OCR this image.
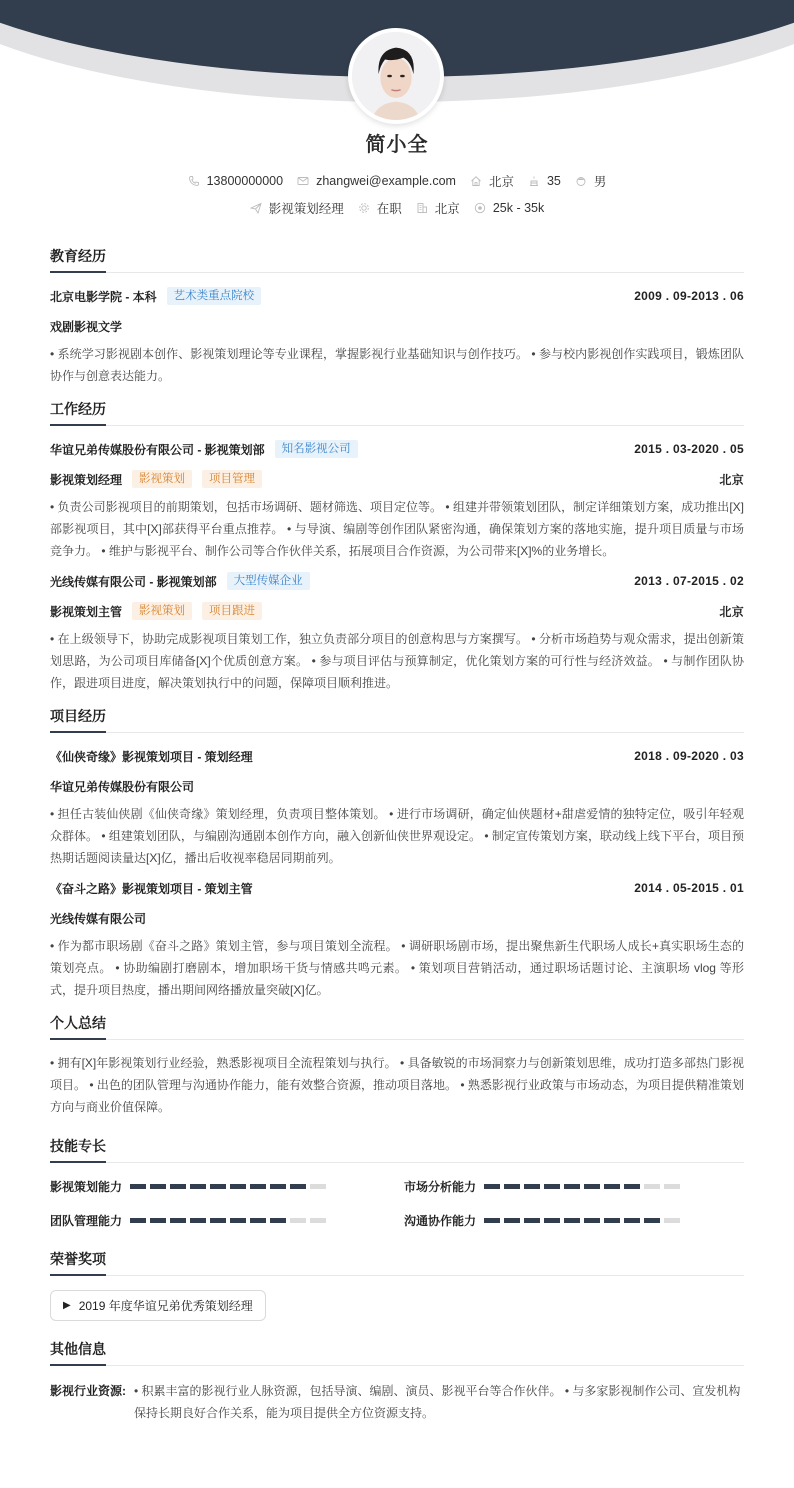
简小全
13800000000	zhangwei@example.com	北京	35	男
影视策划经理	在职	北京	25k - 35k
教育经历
北京电影学院 - 本科	艺术类重点院校	2009 . 09-2013 . 06
戏剧影视文学
• 系统学习影视剧本创作、影视策划理论等专业课程，掌握影视行业基础知识与创作技巧。 • 参与校内影视创作实践项目，锻炼团队协作与创意表达能力。
工作经历
华谊兄弟传媒股份有限公司 - 影视策划部	知名影视公司	2015 . 03-2020 . 05
影视策划经理	影视策划	项目管理	北京
• 负责公司影视项目的前期策划，包括市场调研、题材筛选、项目定位等。 • 组建并带领策划团队，制定详细策划方案，成功推出[X]部影视项目，其中[X]部获得平台重点推荐。 • 与导演、编剧等创作团队紧密沟通，确保策划方案的落地实施，提升项目质量与市场竞争力。 • 维护与影视平台、制作公司等合作伙伴关系，拓展项目合作资源，为公司带来[X]%的业务增长。
光线传媒有限公司 - 影视策划部	大型传媒企业	2013 . 07-2015 . 02
影视策划主管	影视策划	项目跟进	北京
• 在上级领导下，协助完成影视项目策划工作，独立负责部分项目的创意构思与方案撰写。 • 分析市场趋势与观众需求，提出创新策划思路，为公司项目库储备[X]个优质创意方案。 • 参与项目评估与预算制定，优化策划方案的可行性与经济效益。 • 与制作团队协作，跟进项目进度，解决策划执行中的问题，保障项目顺利推进。
项目经历
《仙侠奇缘》影视策划项目 - 策划经理	2018 . 09-2020 . 03
华谊兄弟传媒股份有限公司
• 担任古装仙侠剧《仙侠奇缘》策划经理，负责项目整体策划。 • 进行市场调研，确定仙侠题材+甜虐爱情的独特定位，吸引年轻观众群体。 • 组建策划团队，与编剧沟通剧本创作方向，融入创新仙侠世界观设定。 • 制定宣传策划方案，联动线上线下平台，项目预热期话题阅读量达[X]亿，播出后收视率稳居同期前列。
《奋斗之路》影视策划项目 - 策划主管	2014 . 05-2015 . 01
光线传媒有限公司
• 作为都市职场剧《奋斗之路》策划主管，参与项目策划全流程。 • 调研职场剧市场，提出聚焦新生代职场人成长+真实职场生态的策划亮点。 • 协助编剧打磨剧本，增加职场干货与情感共鸣元素。 • 策划项目营销活动，通过职场话题讨论、主演职场 vlog 等形式，提升项目热度，播出期间网络播放量突破[X]亿。
个人总结
• 拥有[X]年影视策划行业经验，熟悉影视项目全流程策划与执行。 • 具备敏锐的市场洞察力与创新策划思维，成功打造多部热门影视项目。 • 出色的团队管理与沟通协作能力，能有效整合资源，推动项目落地。 • 熟悉影视行业政策与市场动态，为项目提供精准策划方向与商业价值保障。
技能专长
影视策划能力	市场分析能力
团队管理能力	沟通协作能力
荣誉奖项
▶ 2019 年度华谊兄弟优秀策划经理
其他信息
影视行业资源: • 积累丰富的影视行业人脉资源，包括导演、编剧、演员、影视平台等合作伙伴。 • 与多家影视制作公司、宣发机构保持长期良好合作关系，能为项目提供全方位资源支持。
